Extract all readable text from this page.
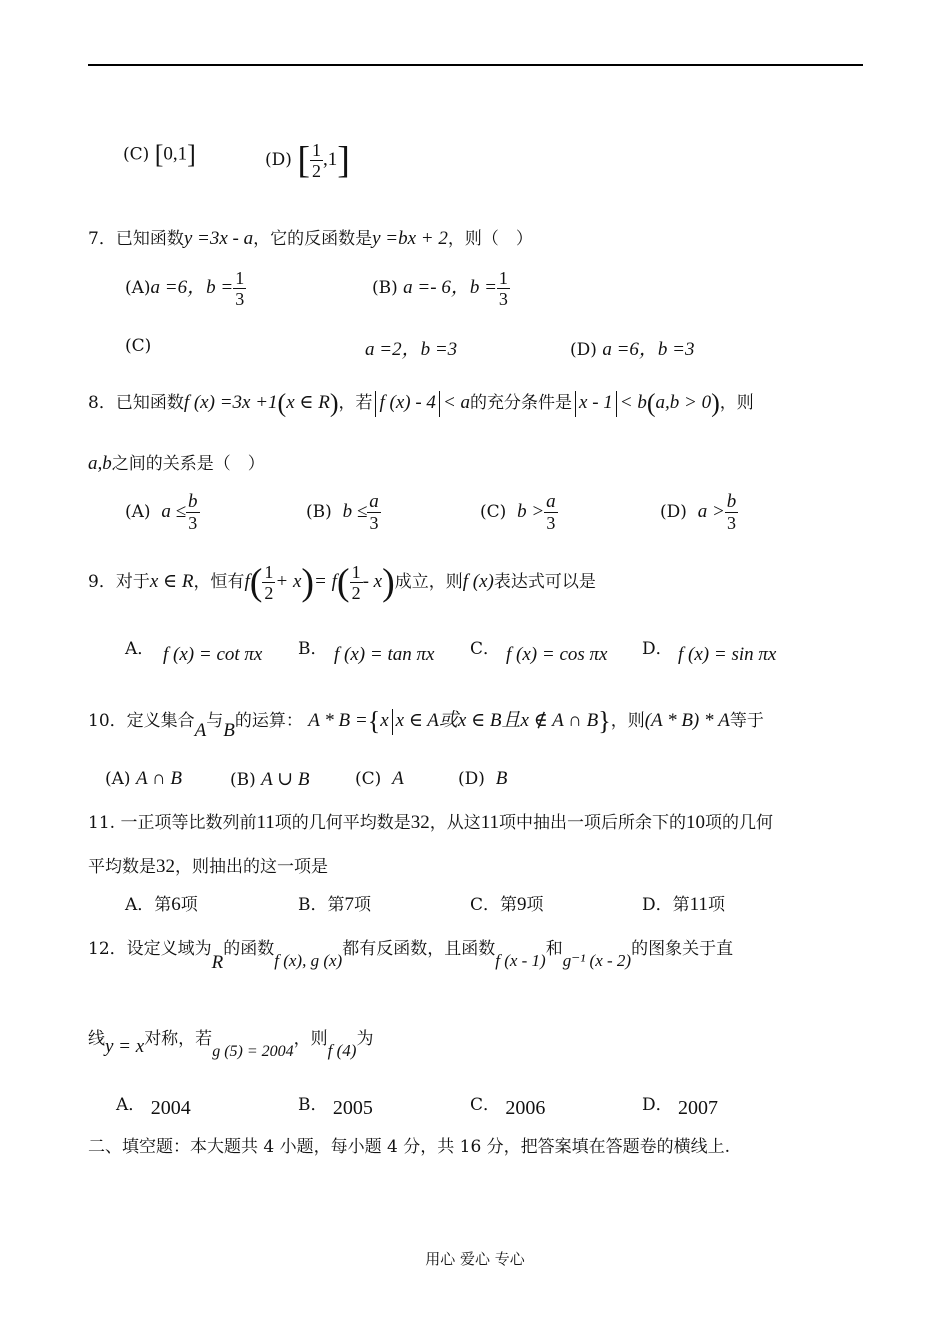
(C) [0,1]	(D) [ $\frac{1}{2} ,1$]
7．已知函数y =3x - a，它的反函数是y =bx + 2，则（　）
(A)a =6，$b = \frac{1}{3}$	(B) a =- 6，$b = \frac{1}{3}$
(C)	a =2，b =3	(D) a =6，b =3
8．已知函数f (x) =3x +1(x ∈ R)，若 f (x) - 4 < a的充分条件是 x - 1 < b(a,b > 0)，则
a,b之间的关系是（　）
(A) $a \le \frac{b}{3}$	(B) $b \le \frac{a}{3}$	(C) $b > \frac{a}{3}$	(D) $a > \frac{b}{3}$
9．对于x ∈ R，恒有$f( \frac{1}{2} + x)= f( \frac{1}{2} - x)$成立，则f (x)表达式可以是
A． f (x) = cot πx B． f (x) = tan πx C． f (x) = cos πx D． f (x) = sin πx
10．定义集合A与B的运算： A * B ={x x ∈ A或x ∈ B且x ∉ A ∩ B}，则(A * B) * A等于
(A) A ∩ B	(B) A ∪ B	(C) A	(D) B
11. 一正项等比数列前11项的几何平均数是32，从这11项中抽出一项后所余下的10项的几何
平均数是32，则抽出的这一项是
A．第6项	B．第7项	C．第9项	D．第11项
12．设定义域为R的函数f (x), g (x)都有反函数，且函数f (x - 1)和g⁻¹ (x - 2)的图象关于直
线y = x对称，若g (5) = 2004，则f (4)为
A． 2004	B． 2005	C． 2006	D． 2007
二、填空题：本大题共 4 小题，每小题 4 分，共 16 分，把答案填在答题卷的横线上.
用心 爱心 专心
